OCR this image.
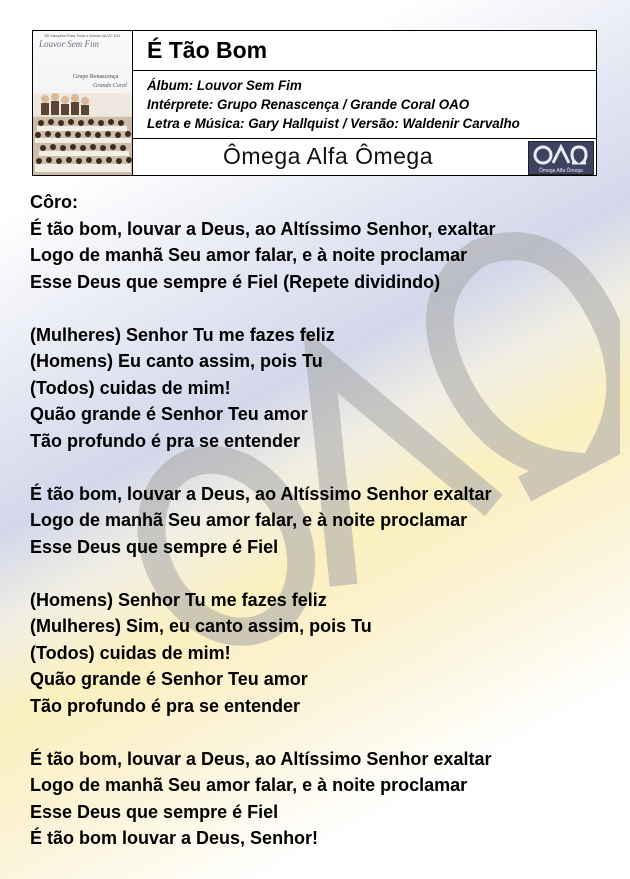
50 Samples Para Todo o Mundo ALVC 531
Louvor Sem Fim
Grupo Renascença
Grande Coral
É Tão Bom
Álbum: Louvor Sem Fim
Intérprete: Grupo Renascença / Grande Coral OAO
Letra e Música: Gary Hallquist / Versão: Waldenir Carvalho
Ômega Alfa Ômega
Ômega Alfa Ômega
Côro:
É tão bom, louvar a Deus, ao Altíssimo Senhor, exaltar
Logo de manhã Seu amor falar, e à noite proclamar
Esse Deus que sempre é Fiel (Repete dividindo)
(Mulheres) Senhor Tu me fazes feliz
(Homens) Eu canto assim, pois Tu
(Todos) cuidas de mim!
Quão grande é Senhor Teu amor
Tão profundo é pra se entender
É tão bom, louvar a Deus, ao Altíssimo Senhor exaltar
Logo de manhã Seu amor falar, e à noite proclamar
Esse Deus que sempre é Fiel
(Homens) Senhor Tu me fazes feliz
(Mulheres) Sim, eu canto assim, pois Tu
(Todos) cuidas de mim!
Quão grande é Senhor Teu amor
Tão profundo é pra se entender
É tão bom, louvar a Deus, ao Altíssimo Senhor exaltar
Logo de manhã Seu amor falar, e à noite proclamar
Esse Deus que sempre é Fiel
É tão bom louvar a Deus, Senhor!
